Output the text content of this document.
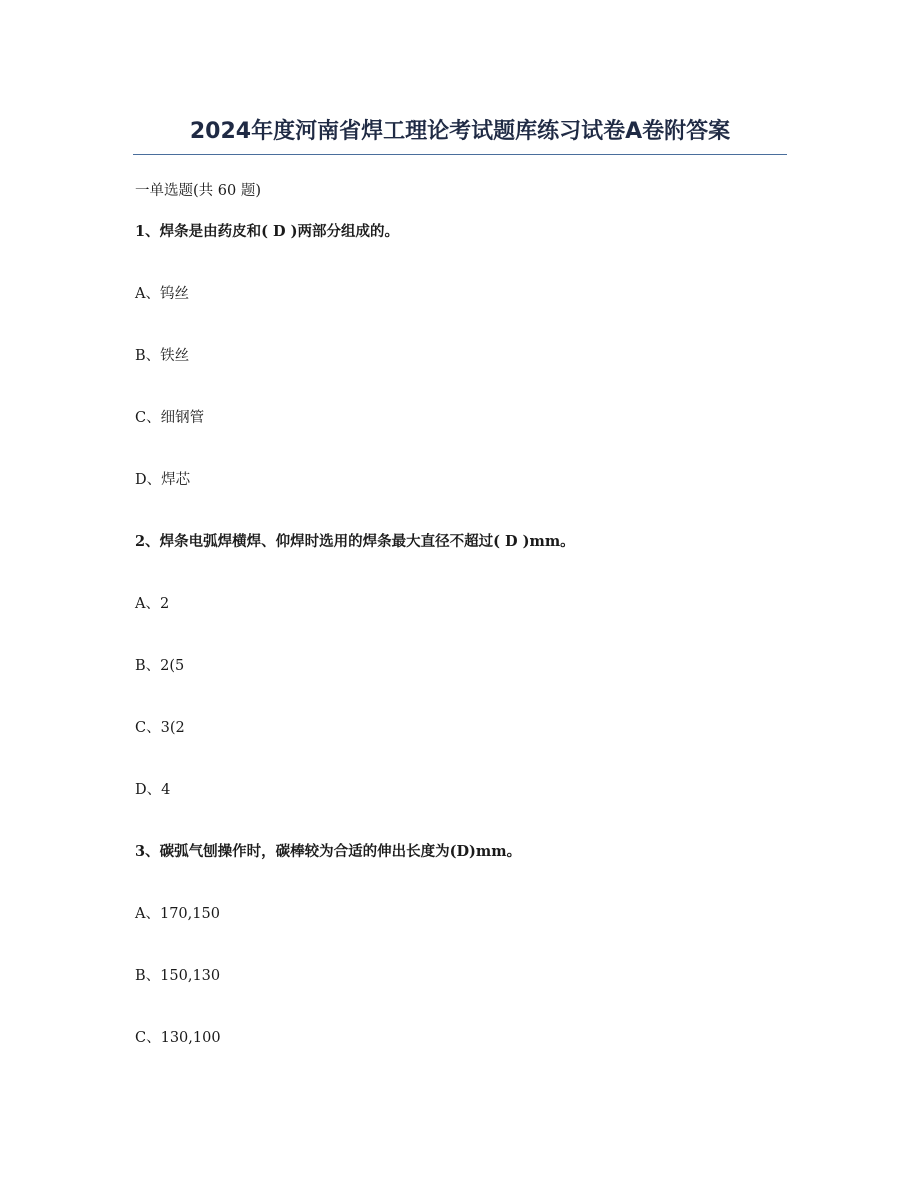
2024年度河南省焊工理论考试题库练习试卷A卷附答案
一单选题(共 60 题)
1、焊条是由药皮和( D )两部分组成的。
A、钨丝
B、铁丝
C、细钢管
D、焊芯
2、焊条电弧焊横焊、仰焊时选用的焊条最大直径不超过( D )mm。
A、2
B、2(5
C、3(2
D、4
3、碳弧气刨操作时，碳棒较为合适的伸出长度为(D)mm。
A、170,150
B、150,130
C、130,100
